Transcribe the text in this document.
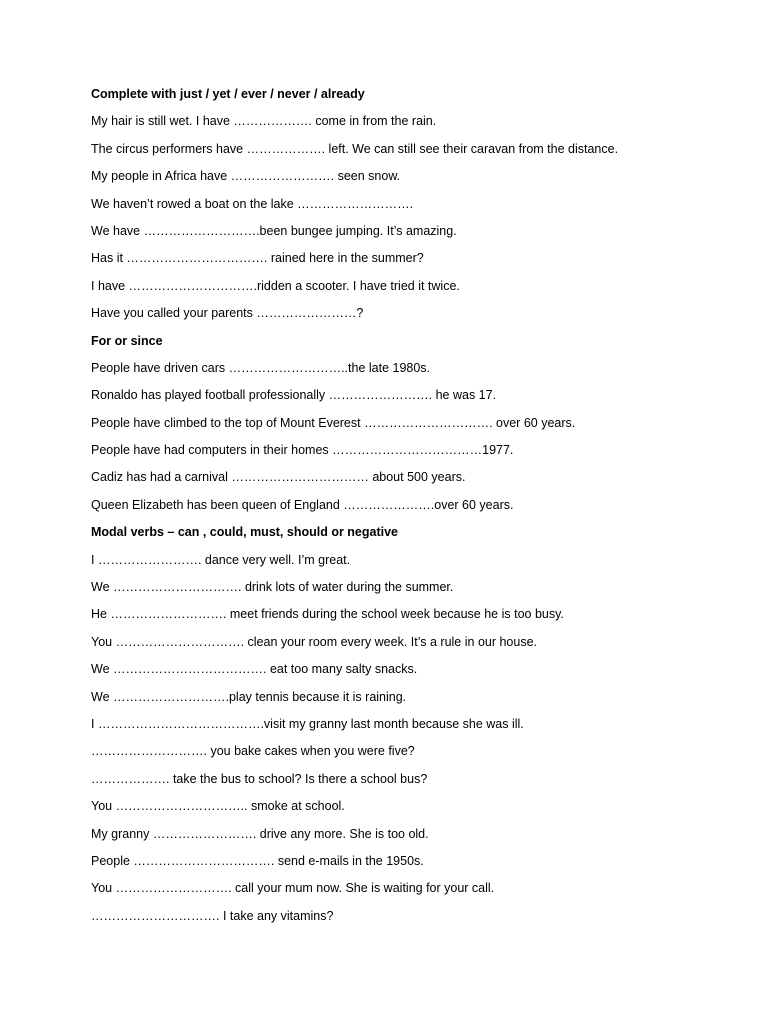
Complete with just / yet / ever / never / already
My hair is still wet. I have ………………. come in from the rain.
The circus performers have ………………. left. We can still see their caravan from the distance.
My people in Africa have ……………………. seen snow.
We haven’t rowed a boat on the lake ……………………….
We have ……………………….been bungee jumping. It’s amazing.
Has it ……………………………. rained here in the summer?
I have ………………………….ridden a scooter. I have tried it twice.
Have you called your parents ……………………?
For or since
People have driven cars ………………………..the late 1980s.
Ronaldo has played football professionally ……………………. he was 17.
People have climbed to the top of Mount Everest …………………………. over 60 years.
People have had computers in their homes ………………………………1977.
Cadiz has had a carnival …………………………… about 500 years.
Queen Elizabeth has been queen of England ………………….over 60 years.
Modal verbs – can , could, must, should or negative
I ……………………. dance very well. I’m great.
We …………………………. drink lots of water during the summer.
He ………………………. meet friends during the school week because he is too busy.
You …………………………. clean your room every week. It’s a rule in our house.
We ………………………………. eat too many salty snacks.
We ……………………….play tennis because it is raining.
I ………………………………….visit my granny last month because she was ill.
………………………. you bake cakes when you were five?
………………. take the bus to school? Is there a school bus?
You ………………………….. smoke at school.
My granny ……………………. drive any more. She is too old.
People ……………………………. send e-mails in the 1950s.
You ………………………. call your mum now. She is waiting for your call.
…………………………. I take any vitamins?
